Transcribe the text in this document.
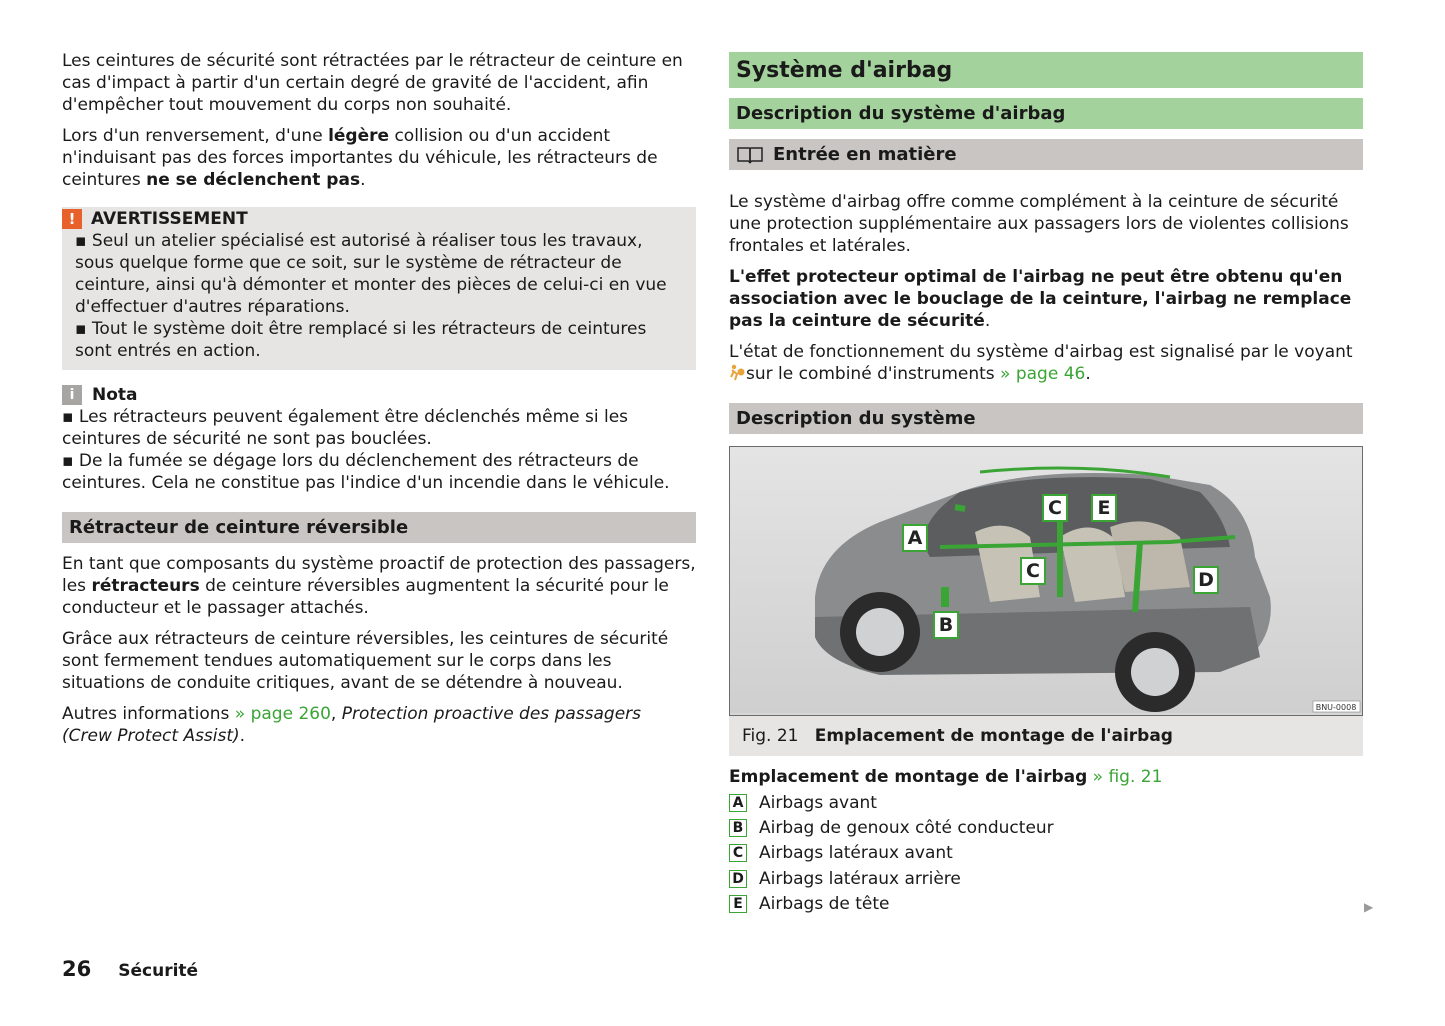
Les ceintures de sécurité sont rétractées par le rétracteur de ceinture en cas d'impact à partir d'un certain degré de gravité de l'accident, afin d'empêcher tout mouvement du corps non souhaité.

Lors d'un renversement, d'une légère collision ou d'un accident n'induisant pas des forces importantes du véhicule, les rétracteurs de ceintures ne se déclenchent pas.

! AVERTISSEMENT
▪ Seul un atelier spécialisé est autorisé à réaliser tous les travaux, sous quelque forme que ce soit, sur le système de rétracteur de ceinture, ainsi qu'à démonter et monter des pièces de celui-ci en vue d'effectuer d'autres réparations.
▪ Tout le système doit être remplacé si les rétracteurs de ceintures sont entrés en action.
i	Nota
▪ Les rétracteurs peuvent également être déclenchés même si les ceintures de sécurité ne sont pas bouclées.
▪ De la fumée se dégage lors du déclenchement des rétracteurs de ceintures. Cela ne constitue pas l'indice d'un incendie dans le véhicule.
Rétracteur de ceinture réversible

En tant que composants du système proactif de protection des passagers, les rétracteurs de ceinture réversibles augmentent la sécurité pour le conducteur et le passager attachés.

Grâce aux rétracteurs de ceinture réversibles, les ceintures de sécurité sont fermement tendues automatiquement sur le corps dans les situations de conduite critiques, avant de se détendre à nouveau.

Autres informations » page 260, Protection proactive des passagers (Crew Protect Assist).

Système d'airbag
Description du système d'airbag
Entrée en matière

Le système d'airbag offre comme complément à la ceinture de sécurité une protection supplémentaire aux passagers lors de violentes collisions frontales et latérales.

L'effet protecteur optimal de l'airbag ne peut être obtenu qu'en association avec le bouclage de la ceinture, l'airbag ne remplace pas la ceinture de sécurité.

L'état de fonctionnement du système d'airbag est signalisé par le voyant sur le combiné d'instruments » page 46.

Description du système
BNU-0008
A
B
C
C
E
D
Fig. 21 Emplacement de montage de l'airbag
Emplacement de montage de l'airbag » fig. 21
A Airbags avant
B Airbag de genoux côté conducteur
C Airbags latéraux avant
D Airbags latéraux arrière
E Airbags de tête	▶
26 Sécurité
